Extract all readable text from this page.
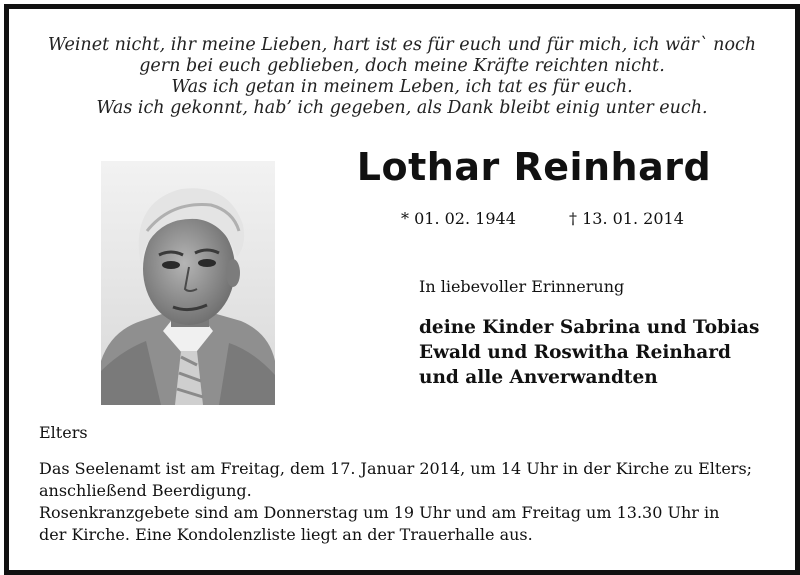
Weinet nicht, ihr meine Lieben, hart ist es für euch und für mich, ich wär` noch
gern bei euch geblieben, doch meine Kräfte reichten nicht.
Was ich getan in meinem Leben, ich tat es für euch.
Was ich gekonnt, hab’ ich gegeben, als Dank bleibt einig unter euch.
Lothar Reinhard
* 01. 02. 1944	† 13. 01. 2014
In liebevoller Erinnerung
deine Kinder Sabrina und Tobias
Ewald und Roswitha Reinhard
und alle Anverwandten
Elters
Das Seelenamt ist am Freitag, dem 17. Januar 2014, um 14 Uhr in der Kirche zu Elters;
anschließend Beerdigung.
Rosenkranzgebete sind am Donnerstag um 19 Uhr und am Freitag um 13.30 Uhr in
der Kirche. Eine Kondolenzliste liegt an der Trauerhalle aus.
